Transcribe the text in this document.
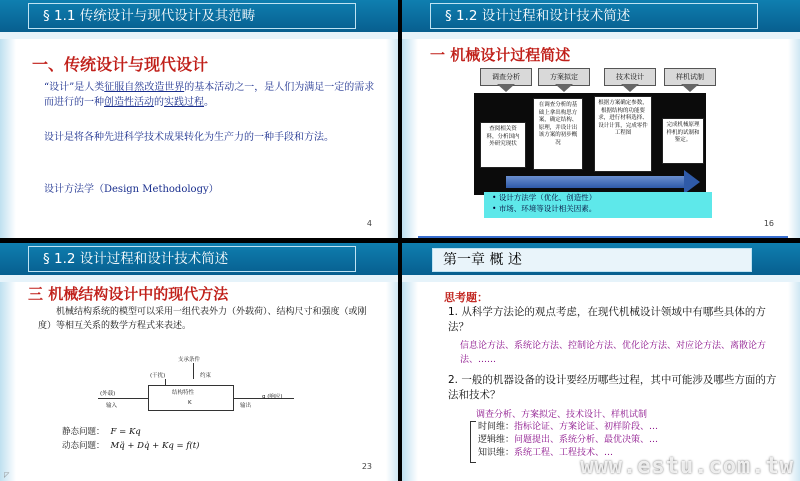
§ 1.1 传统设计与现代设计及其范畴
一、传统设计与现代设计
“设计”是人类征服自然改造世界的基本活动之一，是人们为满足一定的需求而进行的一种创造性活动的实践过程。
设计是将各种先进科学技术成果转化为生产力的一种手段和方法。
设计方法学（Design Methodology）
4
§ 1.2 设计过程和设计技术简述
一 机械设计过程简述
16
调查分析	方案拟定	技术设计	样机试制
查阅相关资料，分析国内外研究现状
在调查分析的基础上拿出构思方案，确定结构、原理，并设计出该方案的初步概况
根据方案确定参数，根据结构的功能要求，进行材料选择、设计计算，完成零件工程图
完成机械原理样机的试制和鉴定。
• 设计方法学（优化、创造性）
• 市场、环境等设计相关因素。
§ 1.2 设计过程和设计技术简述
三 机械结构设计中的现代方法
机械结构系统的模型可以采用一组代表外力（外载荷）、结构尺寸和强度（或刚度）等相互关系的数学方程式来表述。
支承条件
(干扰)	约束
结构特性
K
(外载)
输入
q (响应)
输出
静态问题： F = Kq
动态问题： Mq̈ + Dq̇ + Kq = f(t)
23
第一章 概 述
思考题：
1. 从科学方法论的观点考虑，在现代机械设计领域中有哪些具体的方法？
信息论方法、系统论方法、控制论方法、优化论方法、对应论方法、离散论方法、……
2. 一般的机器设备的设计要经历哪些过程，其中可能涉及哪些方面的方法和技术？
调查分析、方案拟定、技术设计、样机试制
时间维：指标论证、方案论证、初样阶段、…
逻辑维：问题提出、系统分析、最优决策、…
知识维：系统工程、工程技术、…
www.estu.com.tw
◸
